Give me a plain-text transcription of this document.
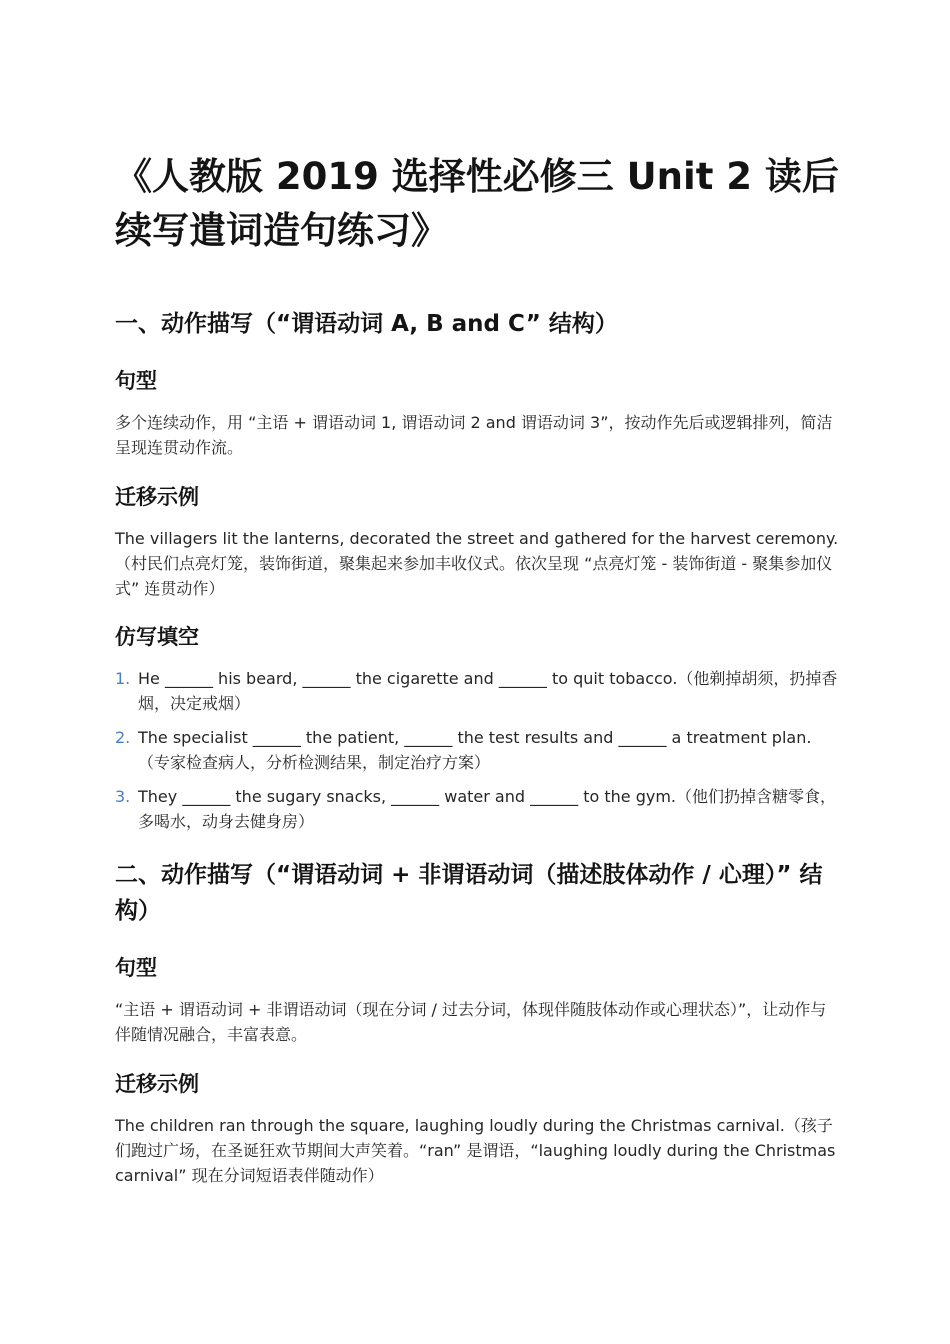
《人教版 2019 选择性必修三 Unit 2 读后续写遣词造句练习》
一、动作描写（“谓语动词 A, B and C” 结构）
句型

多个连续动作，用 “主语 + 谓语动词 1, 谓语动词 2 and 谓语动词 3”，按动作先后或逻辑排列，简洁呈现连贯动作流。

迁移示例

The villagers lit the lanterns, decorated the street and gathered for the harvest ceremony.（村民们点亮灯笼，装饰街道，聚集起来参加丰收仪式。依次呈现 “点亮灯笼 - 装饰街道 - 聚集参加仪式” 连贯动作）

仿写填空
1. He ______ his beard, ______ the cigarette and ______ to quit tobacco.（他剃掉胡须，扔掉香烟，决定戒烟）
2. The specialist ______ the patient, ______ the test results and ______ a treatment plan.（专家检查病人，分析检测结果，制定治疗方案）
3. They ______ the sugary snacks, ______ water and ______ to the gym.（他们扔掉含糖零食，多喝水，动身去健身房）
二、动作描写（“谓语动词 + 非谓语动词（描述肢体动作 / 心理）” 结构）
句型

“主语 + 谓语动词 + 非谓语动词（现在分词 / 过去分词，体现伴随肢体动作或心理状态）”，让动作与伴随情况融合，丰富表意。

迁移示例

The children ran through the square, laughing loudly during the Christmas carnival.（孩子们跑过广场，在圣诞狂欢节期间大声笑着。“ran” 是谓语，“laughing loudly during the Christmas carnival” 现在分词短语表伴随动作）
